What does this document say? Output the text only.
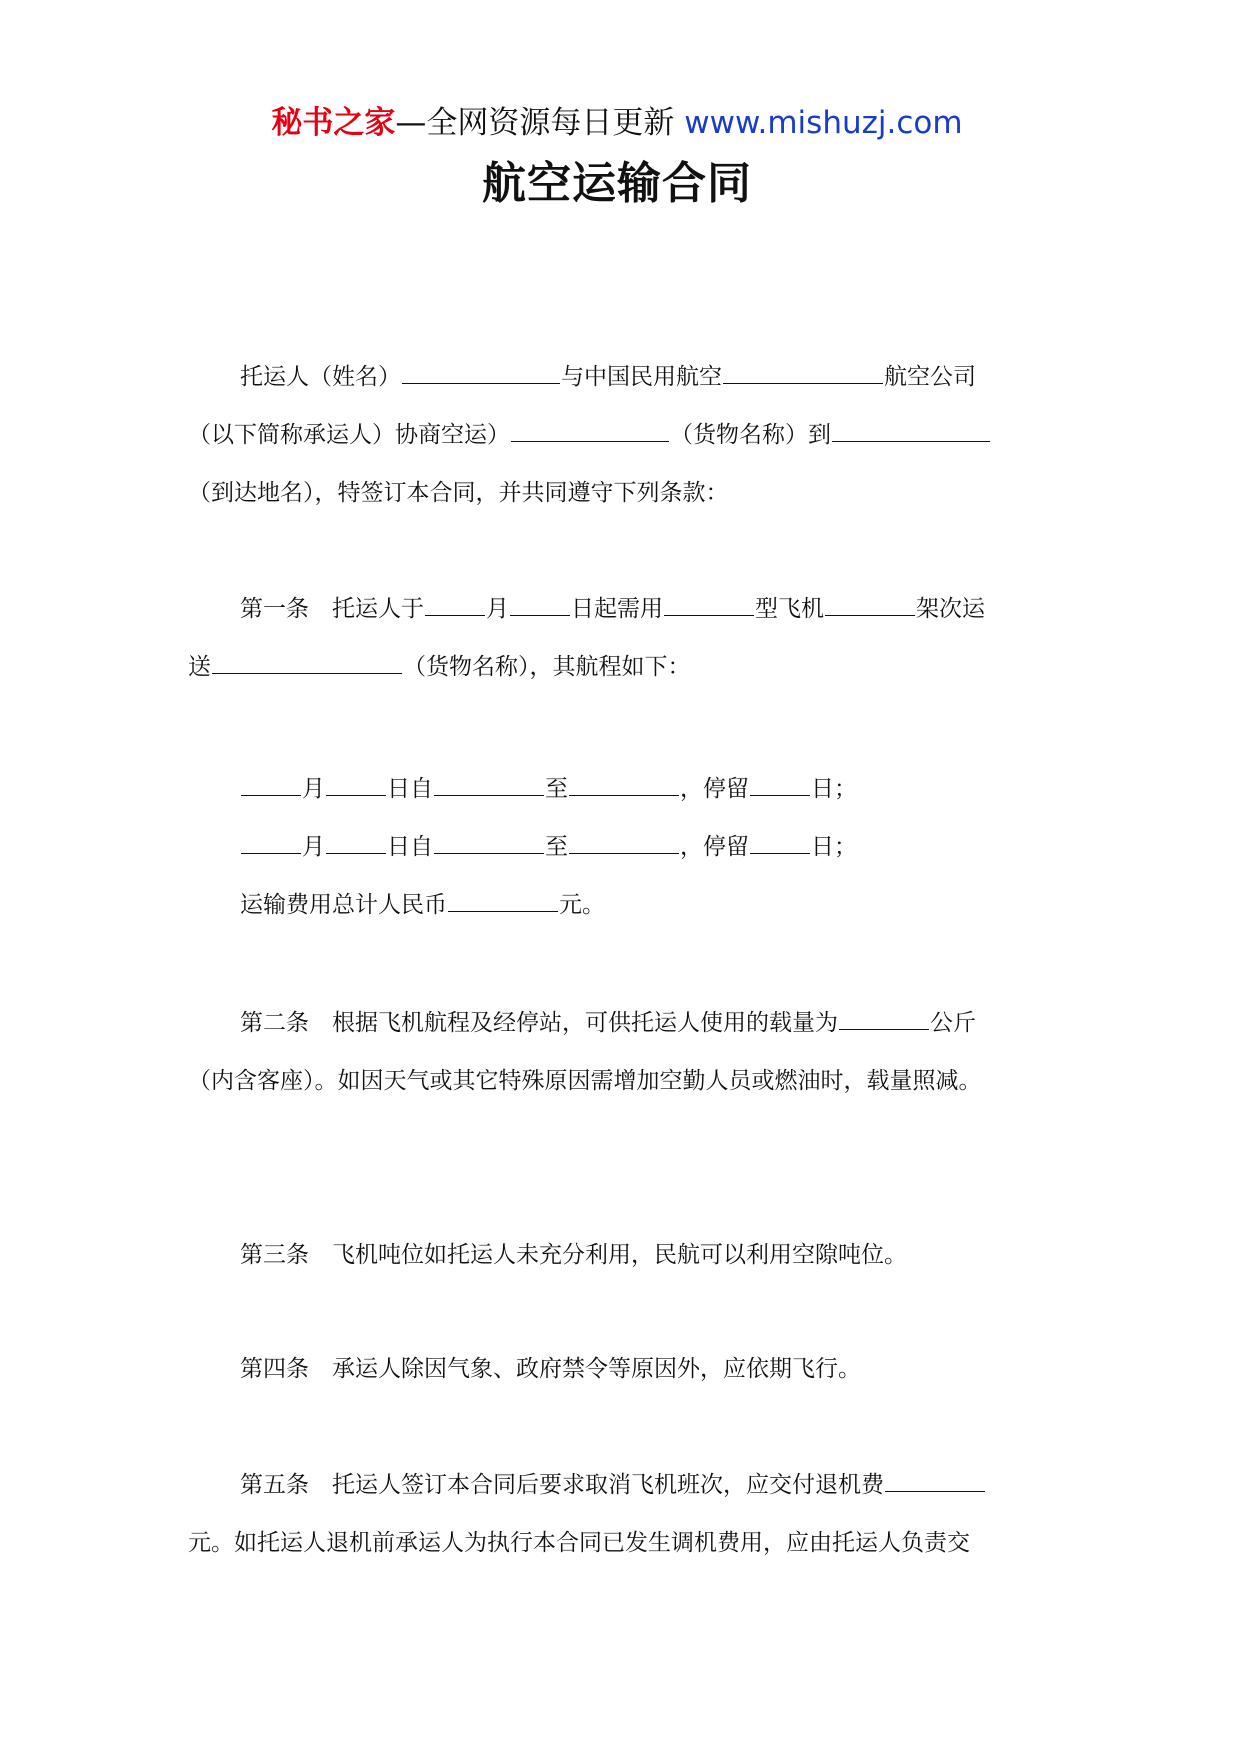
秘书之家—全网资源每日更新 www.mishuzj.com
航空运输合同
托运人（姓名）	与中国民用航空	航空公司
（以下简称承运人）协商空运）	（货物名称）到
（到达地名），特签订本合同，并共同遵守下列条款：
第一条　托运人于	月	日起需用	型飞机	架次运
送	（货物名称），其航程如下：
月	日自	至	，停留	日；
月	日自	至	，停留	日；
运输费用总计人民币	元。
第二条　根据飞机航程及经停站，可供托运人使用的载量为	公斤
（内含客座）。如因天气或其它特殊原因需增加空勤人员或燃油时，载量照减。
第三条　飞机吨位如托运人未充分利用，民航可以利用空隙吨位。
第四条　承运人除因气象、政府禁令等原因外，应依期飞行。
第五条　托运人签订本合同后要求取消飞机班次，应交付退机费
元。如托运人退机前承运人为执行本合同已发生调机费用，应由托运人负责交
